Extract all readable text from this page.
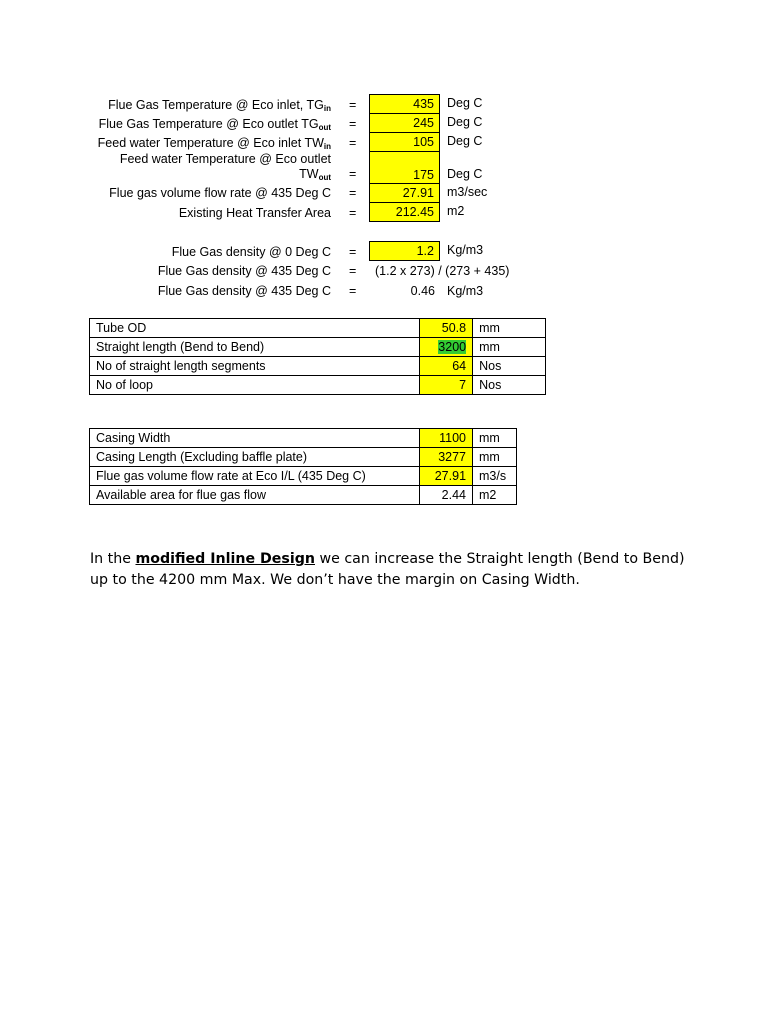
Flue Gas Temperature @ Eco inlet, $TG_{in}$ =	435	Deg C
Flue Gas Temperature @ Eco outlet $TG_{out}$ =	245	Deg C
Feed water Temperature @ Eco inlet $TW_{in}$ =	105	Deg C
Feed water Temperature @ Eco outlet
$TW_{out}$ =	175	Deg C
Flue gas volume flow rate @ 435 Deg C =	27.91	m3/sec
Existing Heat Transfer Area =	212.45	m2
Flue Gas density @ 0 Deg C =	1.2	Kg/m3
Flue Gas density @ 435 Deg C = (1.2 x 273) / (273 + 435)
Flue Gas density @ 435 Deg C =	0.46 Kg/m3
Tube OD	50.8	mm
Straight length (Bend to Bend)	3200	mm
No of straight length segments	64	Nos
No of loop	7	Nos
Casing Width	1100	mm
Casing Length (Excluding baffle plate)	3277	mm
Flue gas volume flow rate at Eco I/L (435 Deg C)	27.91	m3/s
Available area for flue gas flow	2.44	m2

In the modified Inline Design we can increase the Straight length (Bend to Bend) up to the 4200 mm Max. We don’t have the margin on Casing Width.
